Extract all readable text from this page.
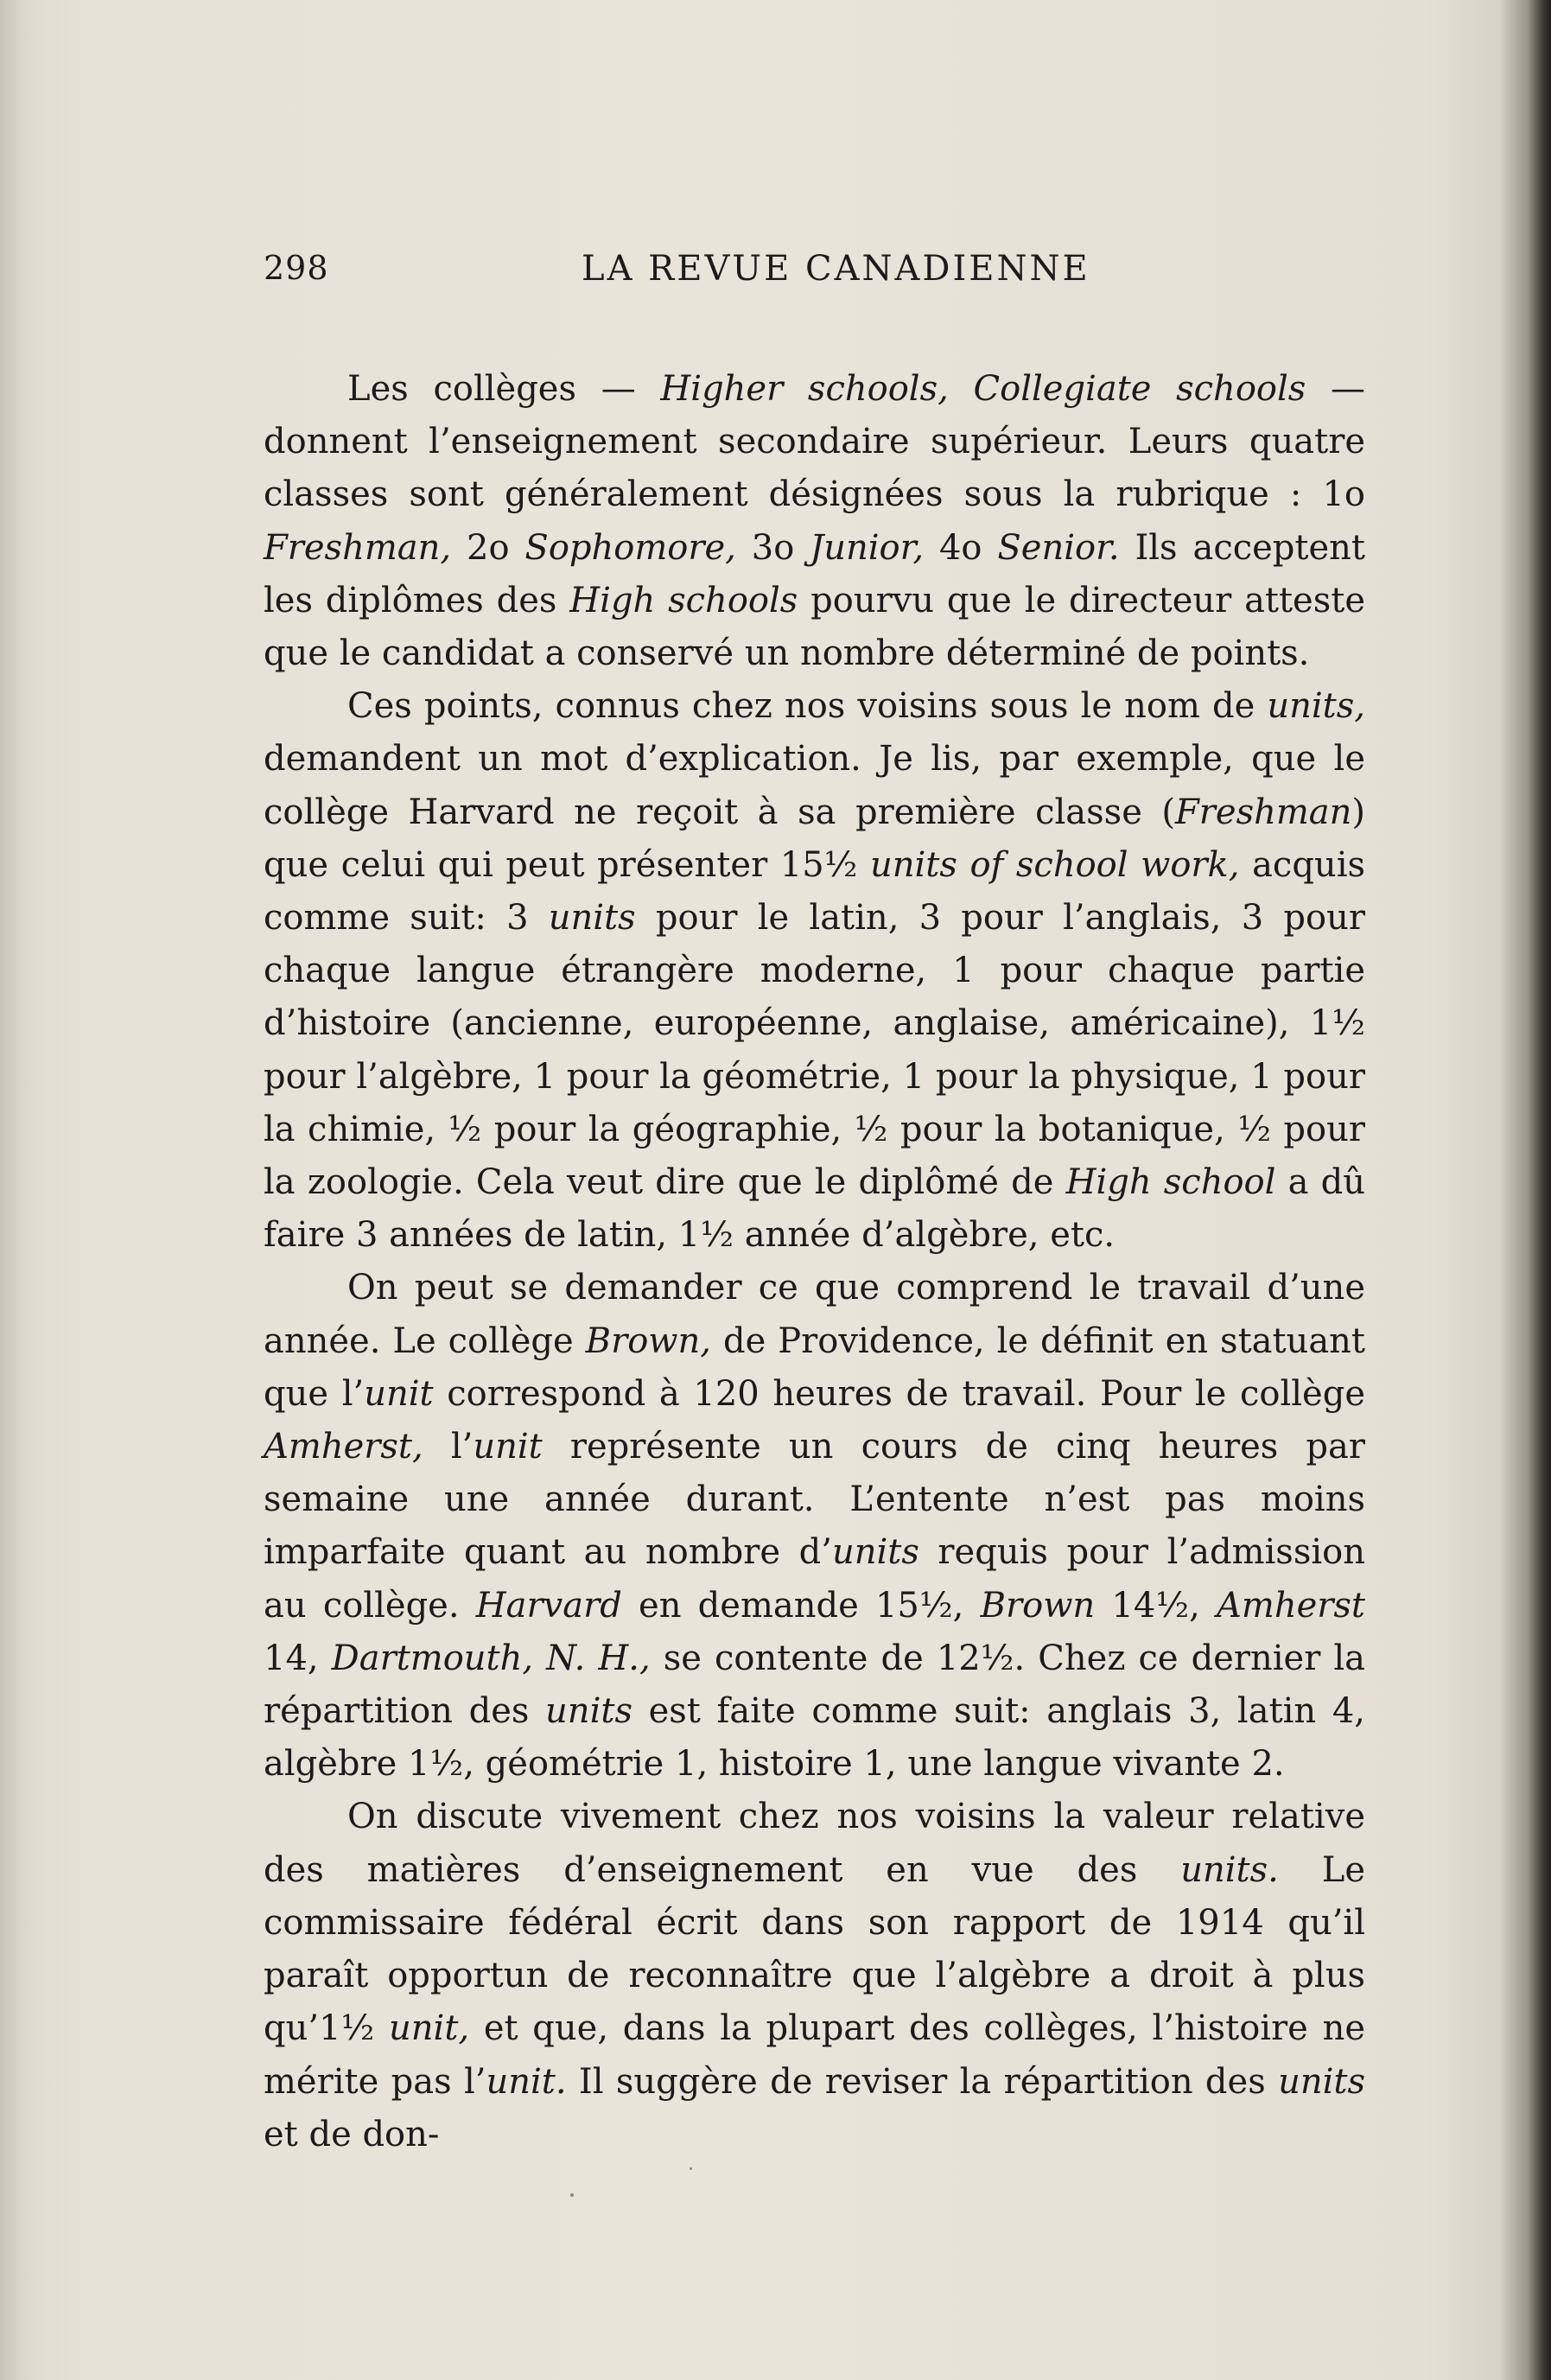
298	LA REVUE CANADIENNE

Les collèges — Higher schools, Collegiate schools — donnent l’enseignement secondaire supérieur. Leurs quatre classes sont généralement désignées sous la rubrique : 1o Freshman, 2o Sophomore, 3o Junior, 4o Senior. Ils acceptent les diplômes des High schools pourvu que le directeur atteste que le candidat a conservé un nombre déterminé de points.

Ces points, connus chez nos voisins sous le nom de units, demandent un mot d’explication. Je lis, par exemple, que le collège Harvard ne reçoit à sa première classe (Freshman) que celui qui peut présenter 15½ units of school work, acquis comme suit: 3 units pour le latin, 3 pour l’anglais, 3 pour chaque langue étrangère moderne, 1 pour chaque partie d’histoire (ancienne, européenne, anglaise, américaine), 1½ pour l’algèbre, 1 pour la géométrie, 1 pour la physique, 1 pour la chimie, ½ pour la géographie, ½ pour la botanique, ½ pour la zoologie. Cela veut dire que le diplômé de High school a dû faire 3 années de latin, 1½ année d’algèbre, etc.

On peut se demander ce que comprend le travail d’une année. Le collège Brown, de Providence, le définit en statuant que l’unit correspond à 120 heures de travail. Pour le collège Amherst, l’unit représente un cours de cinq heures par semaine une année durant. L’entente n’est pas moins imparfaite quant au nombre d’units requis pour l’admission au collège. Harvard en demande 15½, Brown 14½, Amherst 14, Dartmouth, N. H., se contente de 12½. Chez ce dernier la répartition des units est faite comme suit: anglais 3, latin 4, algèbre 1½, géométrie 1, histoire 1, une langue vivante 2.

On discute vivement chez nos voisins la valeur relative des matières d’enseignement en vue des units. Le commissaire fédéral écrit dans son rapport de 1914 qu’il paraît opportun de reconnaître que l’algèbre a droit à plus qu’1½ unit, et que, dans la plupart des collèges, l’histoire ne mérite pas l’unit. Il suggère de reviser la répartition des units et de don-
